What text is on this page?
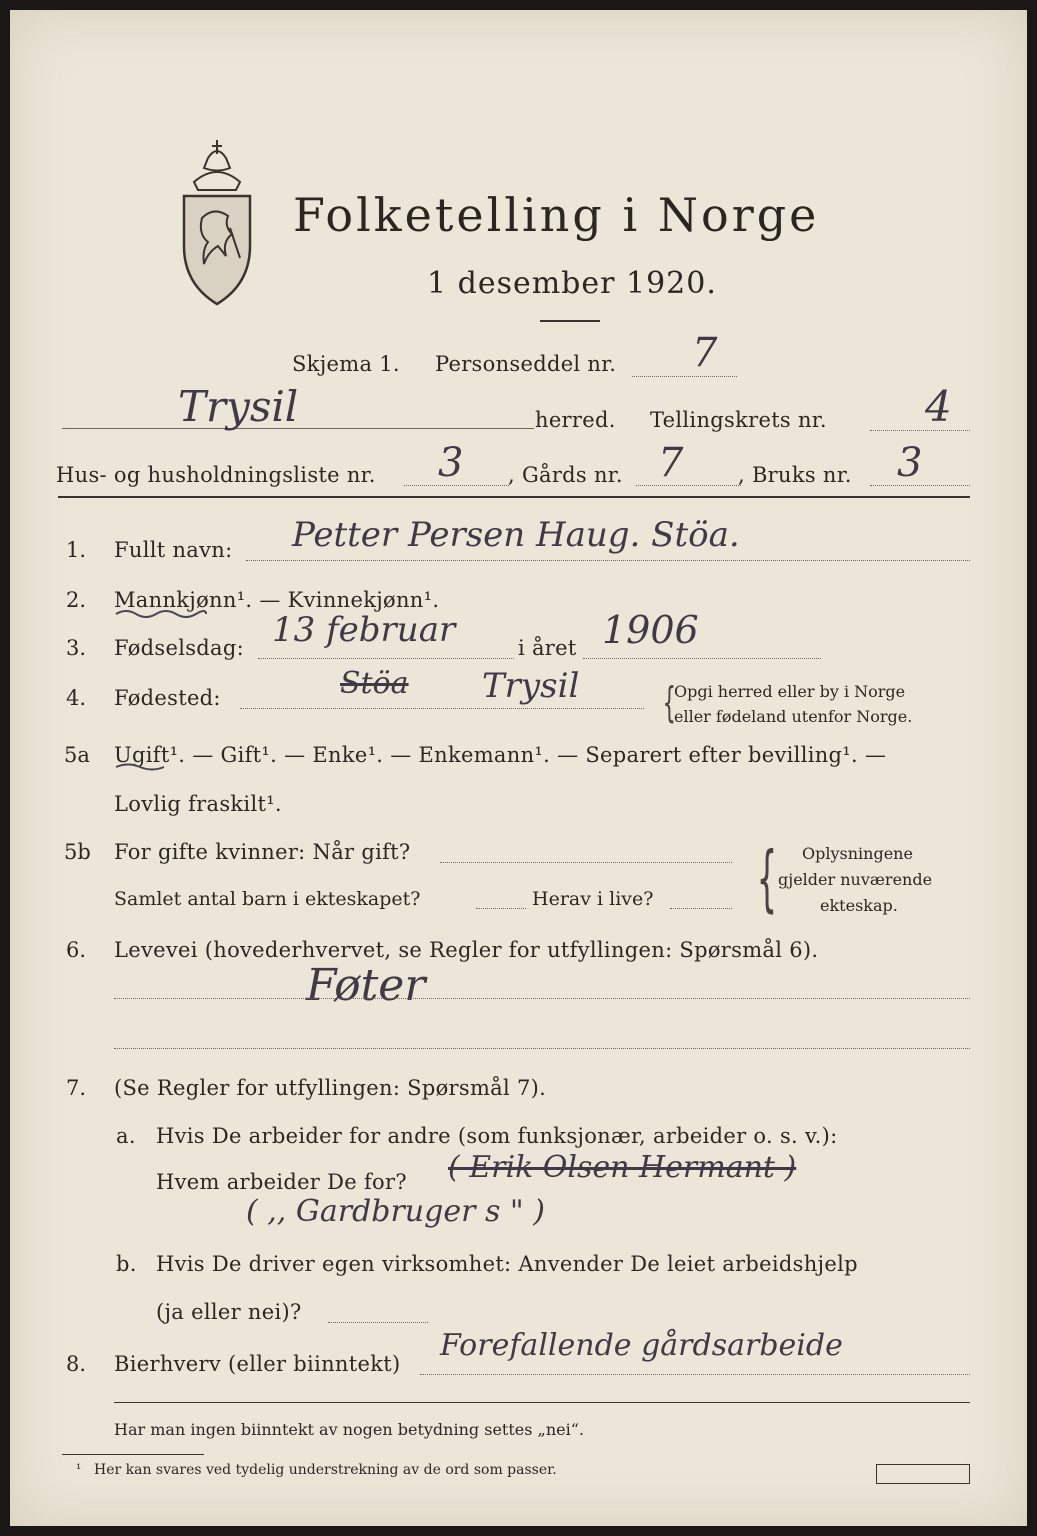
Folketelling i Norge
1 desember 1920.
Skjema 1. Personseddel nr. 7
Trysil	herred. Tellingskrets nr. 4
Hus- og husholdningsliste nr. 3 , Gårds nr. 7	, Bruks nr. 3
1. Fullt navn: Petter Persen Haug. Stöa.
2. Mannkjønn¹. — Kvinnekjønn¹.
3. Fødselsdag: 13 februar	i året 1906
4. Fødested:	Stöa Trysil {
Opgi herred eller by i Norge
eller fødeland utenfor Norge.
5a Ugift¹. — Gift¹. — Enke¹. — Enkemann¹. — Separert efter bevilling¹. —
Lovlig fraskilt¹.
5b For gifte kvinner: Når gift?
Samlet antal barn i ekteskapet?	Herav i live? { Oplysningene
gjelder nuværende
ekteskap.
6. Levevei (hovederhvervet, se Regler for utfyllingen: Spørsmål 6).
Føter
7. (Se Regler for utfyllingen: Spørsmål 7).
a. Hvis De arbeider for andre (som funksjonær, arbeider o. s. v.):
Hvem arbeider De for? ( Erik Olsen Hermant )
( ,, Gardbruger s " )
b. Hvis De driver egen virksomhet: Anvender De leiet arbeidshjelp
(ja eller nei)?
8. Bierhverv (eller biinntekt)
Forefallende gårdsarbeide
Har man ingen biinntekt av nogen betydning settes „nei“.
¹ Her kan svares ved tydelig understrekning av de ord som passer.
